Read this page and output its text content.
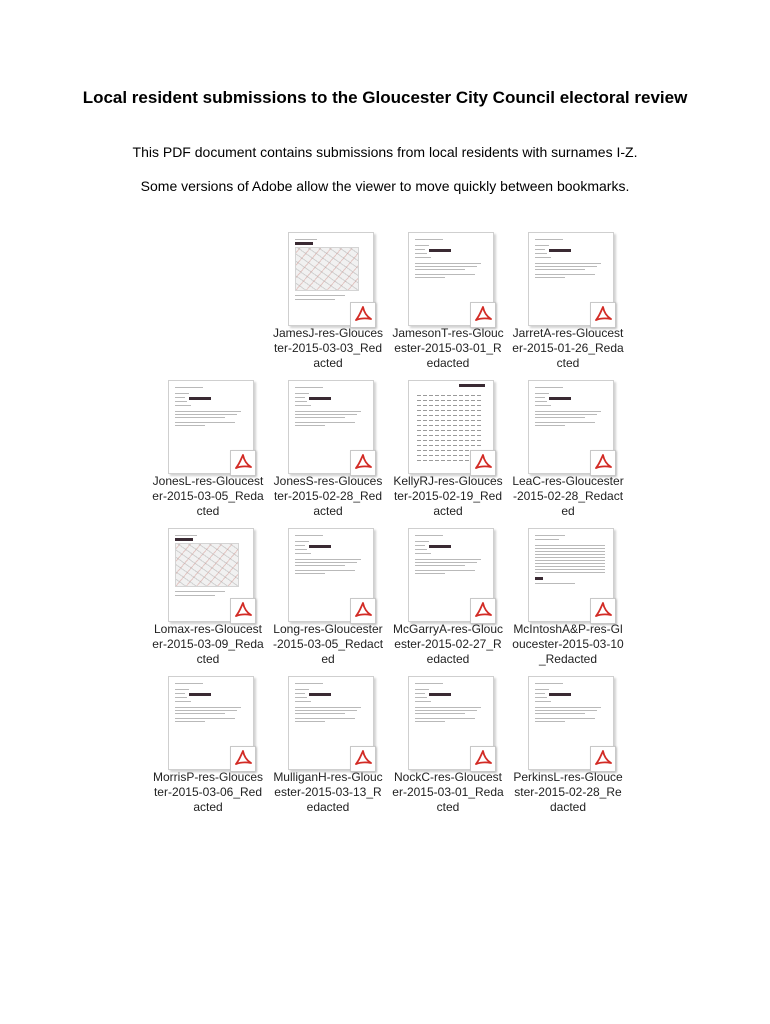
Local resident submissions to the Gloucester City Council electoral review
This PDF document contains submissions from local residents with surnames I-Z.
Some versions of Adobe allow the viewer to move quickly between bookmarks.
JamesJ-res-Gloucester-2015-03-03_Redacted
JamesonT-res-Gloucester-2015-03-01_Redacted
JarretA-res-Gloucester-2015-01-26_Redacted
JonesL-res-Gloucester-2015-03-05_Redacted
JonesS-res-Gloucester-2015-02-28_Redacted
KellyRJ-res-Gloucester-2015-02-19_Redacted
LeaC-res-Gloucester-2015-02-28_Redacted
Lomax-res-Gloucester-2015-03-09_Redacted
Long-res-Gloucester-2015-03-05_Redacted
McGarryA-res-Gloucester-2015-02-27_Redacted
McIntoshA&P-res-Gloucester-2015-03-10_Redacted
MorrisP-res-Gloucester-2015-03-06_Redacted
MulliganH-res-Gloucester-2015-03-13_Redacted
NockC-res-Gloucester-2015-03-01_Redacted
PerkinsL-res-Gloucester-2015-02-28_Redacted
